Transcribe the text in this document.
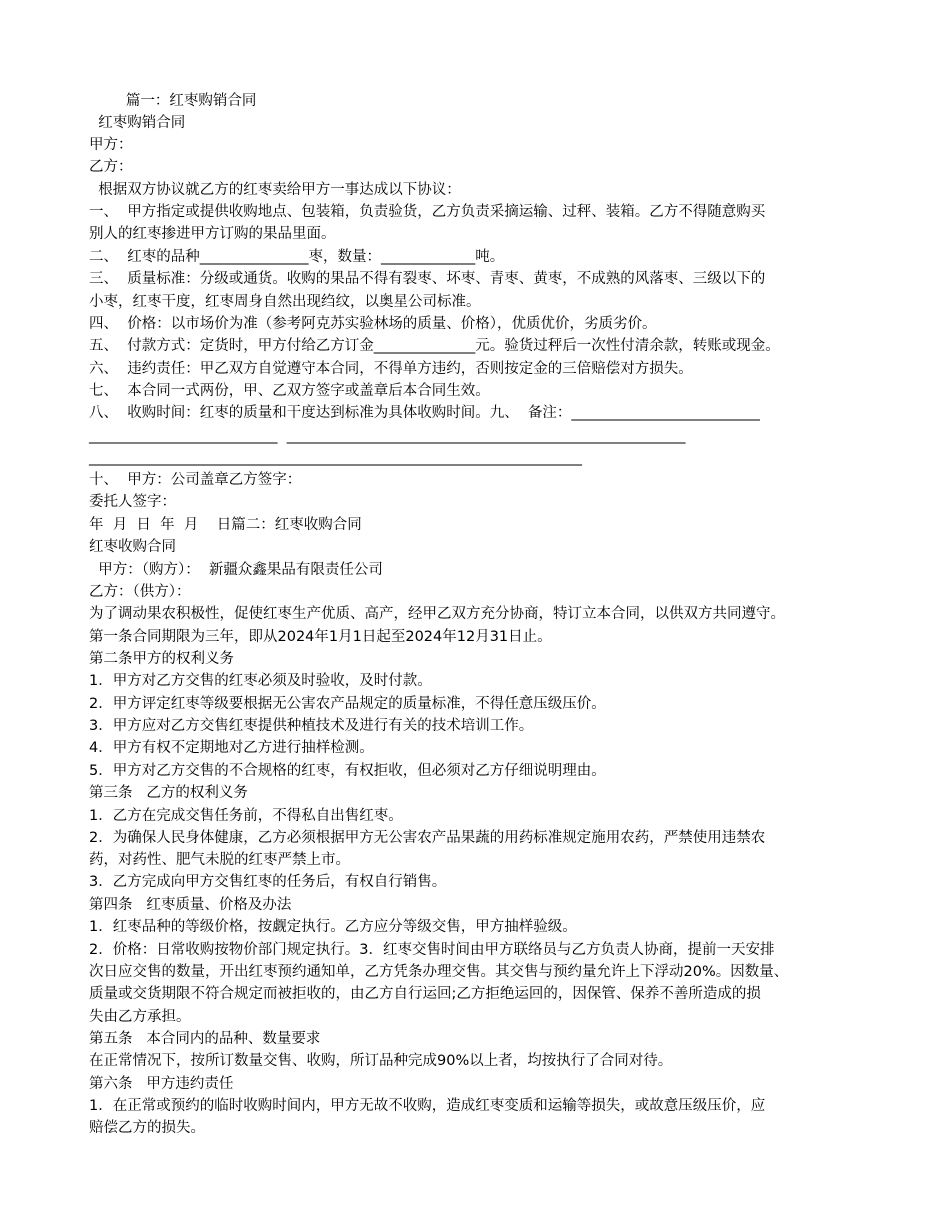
篇一：红枣购销合同
红枣购销合同
甲方：
乙方：
根据双方协议就乙方的红枣卖给甲方一事达成以下协议：
一、  甲方指定或提供收购地点、包装箱，负责验货，乙方负责采摘运输、过秤、装箱。乙方不得随意购买
别人的红枣掺进甲方订购的果品里面。
二、  红枣的品种_______________枣，数量：_____________吨。
三、  质量标准：分级或通货。收购的果品不得有裂枣、坏枣、青枣、黄枣，不成熟的风落枣、三级以下的
小枣，红枣干度，红枣周身自然出现绉纹，以奥星公司标准。
四、  价格：以市场价为准（参考阿克苏实验林场的质量、价格），优质优价，劣质劣价。
五、  付款方式：定货时，甲方付给乙方订金______________元。验货过秤后一次性付清余款，转账或现金。
六、  违约责任：甲乙双方自觉遵守本合同，不得单方违约，否则按定金的三倍赔偿对方损失。
七、  本合同一式两份，甲、乙双方签字或盖章后本合同生效。
八、  收购时间：红枣的质量和干度达到标准为具体收购时间。九、  备注：__________________________
__________________________  _______________________________________________________
____________________________________________________________________
十、  甲方：公司盖章乙方签字：
委托人签字：
年  月  日  年  月    日篇二：红枣收购合同
红枣收购合同
甲方：（购方）：  新疆众鑫果品有限责任公司
乙方：（供方）：
为了调动果农积极性，促使红枣生产优质、高产，经甲乙双方充分协商，特订立本合同，以供双方共同遵守。
第一条合同期限为三年，即从2024年1月1日起至2024年12月31日止。
第二条甲方的权利义务
1．甲方对乙方交售的红枣必须及时验收，及时付款。
2．甲方评定红枣等级要根据无公害农产品规定的质量标准，不得任意压级压价。
3．甲方应对乙方交售红枣提供种植技术及进行有关的技术培训工作。
4．甲方有权不定期地对乙方进行抽样检测。
5．甲方对乙方交售的不合规格的红枣，有权拒收，但必须对乙方仔细说明理由。
第三条   乙方的权利义务
1．乙方在完成交售任务前，不得私自出售红枣。
2．为确保人民身体健康，乙方必须根据甲方无公害农产品果蔬的用药标准规定施用农药，严禁使用违禁农
药，对药性、肥气未脱的红枣严禁上市。
3．乙方完成向甲方交售红枣的任务后，有权自行销售。
第四条   红枣质量、价格及办法
1．红枣品种的等级价格，按觑定执行。乙方应分等级交售，甲方抽样验级。
2．价格：日常收购按物价部门规定执行。3．红枣交售时间由甲方联络员与乙方负责人协商，提前一天安排
次日应交售的数量，开出红枣预约通知单，乙方凭条办理交售。其交售与预约量允许上下浮动20%。因数量、
质量或交货期限不符合规定而被拒收的，由乙方自行运回;乙方拒绝运回的，因保管、保养不善所造成的损
失由乙方承担。
第五条   本合同内的品种、数量要求
在正常情况下，按所订数量交售、收购，所订品种完成90%以上者，均按执行了合同对待。
第六条   甲方违约责任
1．在正常或预约的临时收购时间内，甲方无故不收购，造成红枣变质和运输等损失，或故意压级压价，应
赔偿乙方的损失。
